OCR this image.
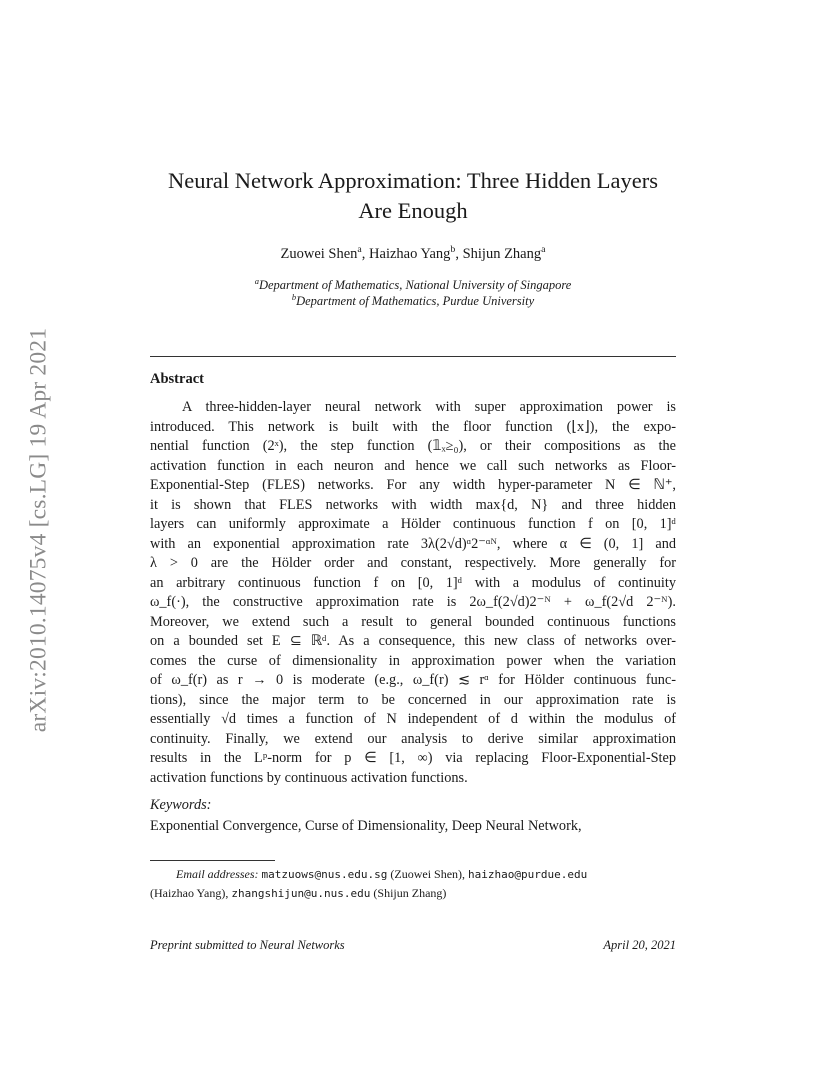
arXiv:2010.14075v4 [cs.LG] 19 Apr 2021
Neural Network Approximation: Three Hidden Layers
Are Enough
Zuowei Shen$^a$, Haizhao Yang$^b$, Shijun Zhang$^a$
$^a$Department of Mathematics, National University of Singapore
$^b$Department of Mathematics, Purdue University
Abstract
A three-hidden-layer neural network with super approximation power is
introduced. This network is built with the floor function (⌊x⌋), the expo-
nential function (2ˣ), the step function (𝟙ₓ≥₀), or their compositions as the
activation function in each neuron and hence we call such networks as Floor-
Exponential-Step (FLES) networks. For any width hyper-parameter N ∈ ℕ⁺,
it is shown that FLES networks with width max{d, N} and three hidden
layers can uniformly approximate a Hölder continuous function f on [0, 1]ᵈ
with an exponential approximation rate 3λ(2√d)ᵅ2⁻ᵅᴺ, where α ∈ (0, 1] and
λ > 0 are the Hölder order and constant, respectively. More generally for
an arbitrary continuous function f on [0, 1]ᵈ with a modulus of continuity
ω_f(·), the constructive approximation rate is 2ω_f(2√d)2⁻ᴺ + ω_f(2√d 2⁻ᴺ).
Moreover, we extend such a result to general bounded continuous functions
on a bounded set E ⊆ ℝᵈ. As a consequence, this new class of networks over-
comes the curse of dimensionality in approximation power when the variation
of ω_f(r) as r → 0 is moderate (e.g., ω_f(r) ≲ rᵅ for Hölder continuous func-
tions), since the major term to be concerned in our approximation rate is
essentially √d times a function of N independent of d within the modulus of
continuity. Finally, we extend our analysis to derive similar approximation
results in the Lᵖ-norm for p ∈ [1, ∞) via replacing Floor-Exponential-Step
activation functions by continuous activation functions.
Keywords:
Exponential Convergence, Curse of Dimensionality, Deep Neural Network,
Email addresses: matzuows@nus.edu.sg (Zuowei Shen), haizhao@purdue.edu
(Haizhao Yang), zhangshijun@u.nus.edu (Shijun Zhang)
Preprint submitted to Neural Networks	April 20, 2021
